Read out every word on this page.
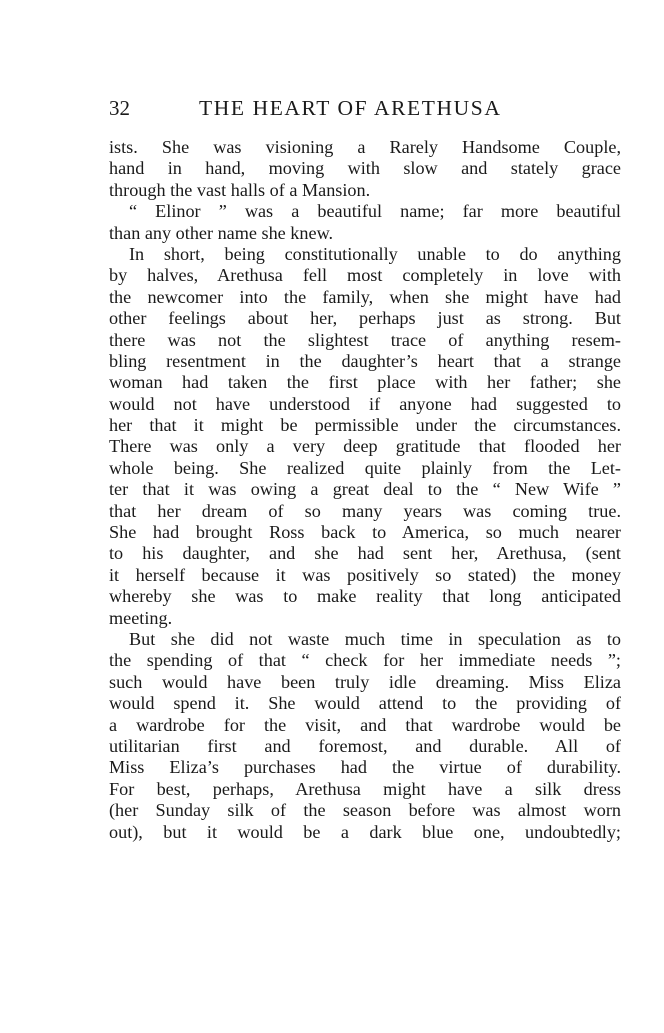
32	THE HEART OF ARETHUSA
ists. She was visioning a Rarely Handsome Couple,
hand in hand, moving with slow and stately grace
through the vast halls of a Mansion.
“ Elinor ” was a beautiful name; far more beautiful
than any other name she knew.
In short, being constitutionally unable to do anything
by halves, Arethusa fell most completely in love with
the newcomer into the family, when she might have had
other feelings about her, perhaps just as strong. But
there was not the slightest trace of anything resem-
bling resentment in the daughter’s heart that a strange
woman had taken the first place with her father; she
would not have understood if anyone had suggested to
her that it might be permissible under the circumstances.
There was only a very deep gratitude that flooded her
whole being. She realized quite plainly from the Let-
ter that it was owing a great deal to the “ New Wife ”
that her dream of so many years was coming true.
She had brought Ross back to America, so much nearer
to his daughter, and she had sent her, Arethusa, (sent
it herself because it was positively so stated) the money
whereby she was to make reality that long anticipated
meeting.
But she did not waste much time in speculation as to
the spending of that “ check for her immediate needs ”;
such would have been truly idle dreaming. Miss Eliza
would spend it. She would attend to the providing of
a wardrobe for the visit, and that wardrobe would be
utilitarian first and foremost, and durable. All of
Miss Eliza’s purchases had the virtue of durability.
For best, perhaps, Arethusa might have a silk dress
(her Sunday silk of the season before was almost worn
out), but it would be a dark blue one, undoubtedly;
